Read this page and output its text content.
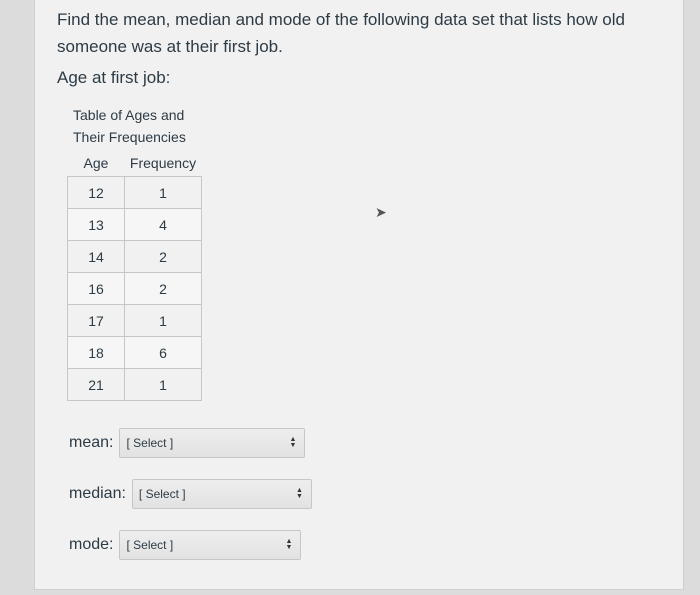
Find the mean, median and mode of the following data set that lists how old someone was at their first job.
Age at first job:
Table of Ages and Their Frequencies
Age	Frequency
12	1
13	4
14	2
16	2
17	1
18	6
21	1
mean: [ Select ]	▲
▼
median: [ Select ]	▲
▼
mode: [ Select ]	▲
▼
➤
